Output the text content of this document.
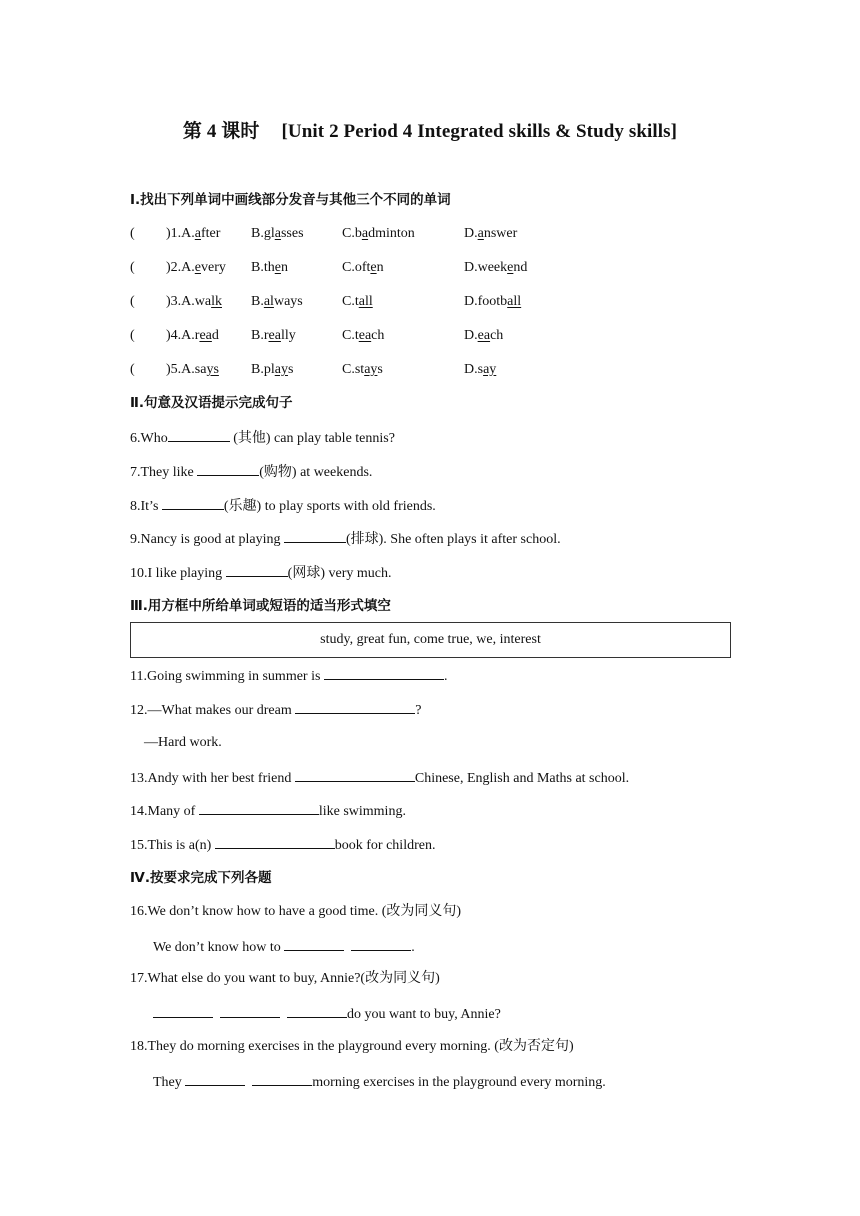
第 4 课时 [Unit 2 Period 4 Integrated skills & Study skills]
Ⅰ.找出下列单词中画线部分发音与其他三个不同的单词
( )1.A.after B.glasses	C.badminton	D.answer
( )2.A.every B.then	C.often	D.weekend
( )3.A.walk B.always	C.tall	D.football
( )4.A.read B.really	C.teach	D.each
( )5.A.says B.plays	C.stays	D.say
Ⅱ.句意及汉语提示完成句子
6.Who	(其他) can play table tennis?
7.They like	(购物) at weekends.
8.It’s	(乐趣) to play sports with old friends.
9.Nancy is good at playing	(排球). She often plays it after school.
10.I like playing	(网球) very much.
Ⅲ.用方框中所给单词或短语的适当形式填空
study, great fun, come true, we, interest
11.Going swimming in summer is	.
12.—What makes our dream	?
—Hard work.
13.Andy with her best friend	Chinese, English and Maths at school.
14.Many of	like swimming.
15.This is a(n)	book for children.
Ⅳ.按要求完成下列各题
16.We don’t know how to have a good time. (改为同义句)
We don’t know how to	.
17.What else do you want to buy, Annie?(改为同义句)
do you want to buy, Annie?
18.They do morning exercises in the playground every morning. (改为否定句)
They	morning exercises in the playground every morning.
